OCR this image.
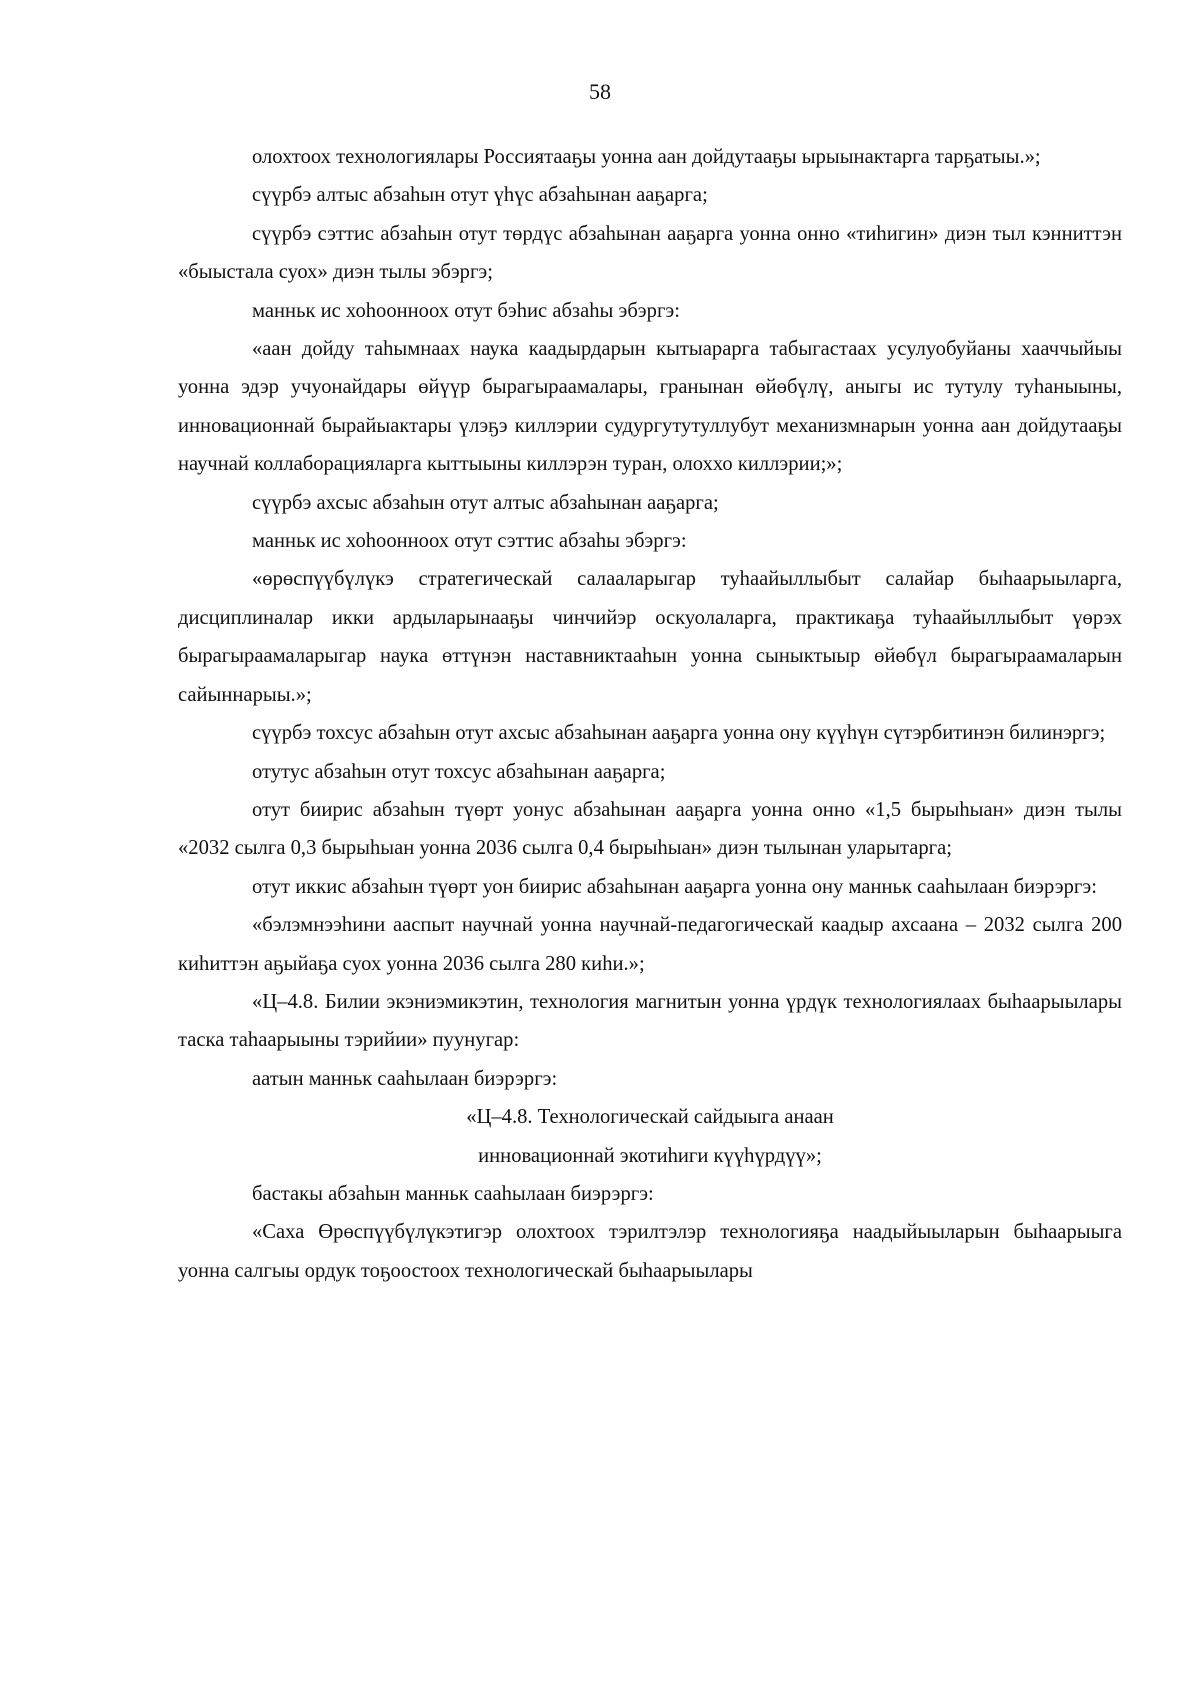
58

олохтоох технологиялары Россиятааҕы уонна аан дойдутааҕы ырыынактарга тарҕатыы.»;

сүүрбэ алтыс абзаһын отут үһүс абзаһынан ааҕарга;

сүүрбэ сэттис абзаһын отут төрдүс абзаһынан ааҕарга уонна онно «тиһигин» диэн тыл кэнниттэн «быыстала суох» диэн тылы эбэргэ;

манньк ис хоһоонноох отут бэһис абзаһы эбэргэ:

«аан дойду таһымнаах наука каадырдарын кытыарарга табыгастаах усулуобуйаны хааччыйыы уонна эдэр учуонайдары өйүүр бырагыраамалары, гранынан өйөбүлү, аныгы ис тутулу туһаныыны, инновационнай бырайыактары үлэҕэ киллэрии судургутутуллубут механизмнарын уонна аан дойдутааҕы научнай коллаборацияларга кыттыыны киллэрэн туран, олоххо киллэрии;»;

сүүрбэ ахсыс абзаһын отут алтыс абзаһынан ааҕарга;

манньк ис хоһоонноох отут сэттис абзаһы эбэргэ:

«өрөспүүбүлүкэ стратегическай салааларыгар туһаайыллыбыт салайар быһаарыыларга, дисциплиналар икки ардыларынааҕы чинчийэр оскуолаларга, практикаҕа туһаайыллыбыт үөрэх бырагыраамаларыгар наука өттүнэн наставниктааһын уонна сыныктыыр өйөбүл бырагыраамаларын сайыннарыы.»;

сүүрбэ тохсус абзаһын отут ахсыс абзаһынан ааҕарга уонна ону күүһүн сүтэрбитинэн билинэргэ;

отутус абзаһын отут тохсус абзаһынан ааҕарга;

отут биирис абзаһын түөрт уонус абзаһынан ааҕарга уонна онно «1,5 бырыһыан» диэн тылы «2032 сылга 0,3 бырыһыан уонна 2036 сылга 0,4 бырыһыан» диэн тылынан уларытарга;

отут иккис абзаһын түөрт уон биирис абзаһынан ааҕарга уонна ону манньк сааһылаан биэрэргэ:

«бэлэмнээһини ааспыт научнай уонна научнай-педагогическай каадыр ахсаана – 2032 сылга 200 киһиттэн аҕыйаҕа суох уонна 2036 сылга 280 киһи.»;

«Ц–4.8. Билии экэниэмикэтин, технология магнитын уонна үрдүк технологиялаах быһаарыылары таска таһаарыыны тэрийии» пуунугар:

аатын манньк сааһылаан биэрэргэ:

«Ц–4.8. Технологическай сайдыыга анаан

инновационнай экотиһиги күүһүрдүү»;

бастакы абзаһын манньк сааһылаан биэрэргэ:

«Саха Өрөспүүбүлүкэтигэр олохтоох тэрилтэлэр технологияҕа наадыйыыларын быһаарыыга уонна салгыы ордук тоҕоостоох технологическай быһаарыылары
